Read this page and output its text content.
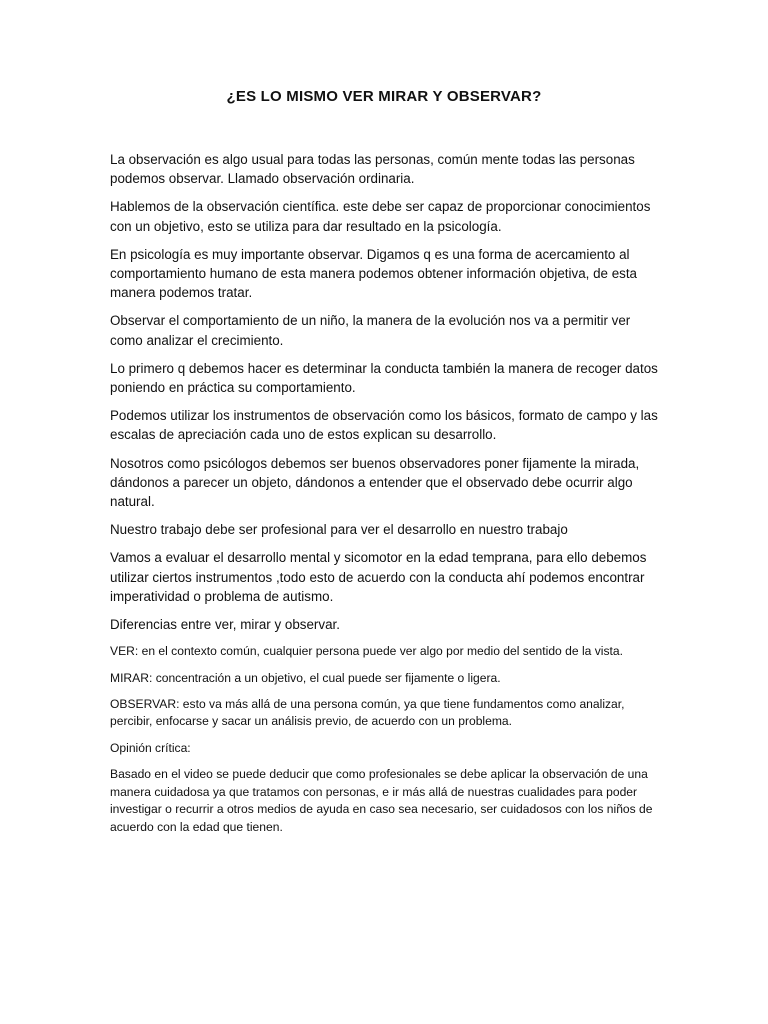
¿ES LO MISMO VER MIRAR Y OBSERVAR?

La observación es algo usual para todas las personas, común mente todas las personas podemos observar. Llamado observación ordinaria.

Hablemos de la observación científica. este debe ser capaz de proporcionar conocimientos con un objetivo, esto se utiliza para dar resultado en la psicología.

En psicología es muy importante observar. Digamos q es una forma de acercamiento al comportamiento humano de esta manera podemos obtener información objetiva, de esta manera podemos tratar.

Observar el comportamiento de un niño, la manera de la evolución nos va a permitir ver como analizar el crecimiento.

Lo primero q debemos hacer es determinar la conducta también la manera de recoger datos poniendo en práctica su comportamiento.

Podemos utilizar los instrumentos de observación como los básicos, formato de campo y las escalas de apreciación cada uno de estos explican su desarrollo.

Nosotros como psicólogos debemos ser buenos observadores poner fijamente la mirada, dándonos a parecer un objeto, dándonos a entender que el observado debe ocurrir algo natural.

Nuestro trabajo debe ser profesional para ver el desarrollo en nuestro trabajo

Vamos a evaluar el desarrollo mental y sicomotor en la edad temprana, para ello debemos utilizar ciertos instrumentos ,todo esto de acuerdo con la conducta ahí podemos encontrar imperatividad o problema de autismo.

Diferencias entre ver, mirar y observar.

VER: en el contexto común, cualquier persona puede ver algo por medio del sentido de la vista.

MIRAR: concentración a un objetivo, el cual puede ser fijamente o ligera.

OBSERVAR: esto va más allá de una persona común, ya que tiene fundamentos como analizar, percibir, enfocarse y sacar un análisis previo, de acuerdo con un problema.

Opinión crítica:

Basado en el video se puede deducir que como profesionales se debe aplicar la observación de una manera cuidadosa ya que tratamos con personas, e ir más allá de nuestras cualidades para poder investigar o recurrir a otros medios de ayuda en caso sea necesario, ser cuidadosos con los niños de acuerdo con la edad que tienen.
